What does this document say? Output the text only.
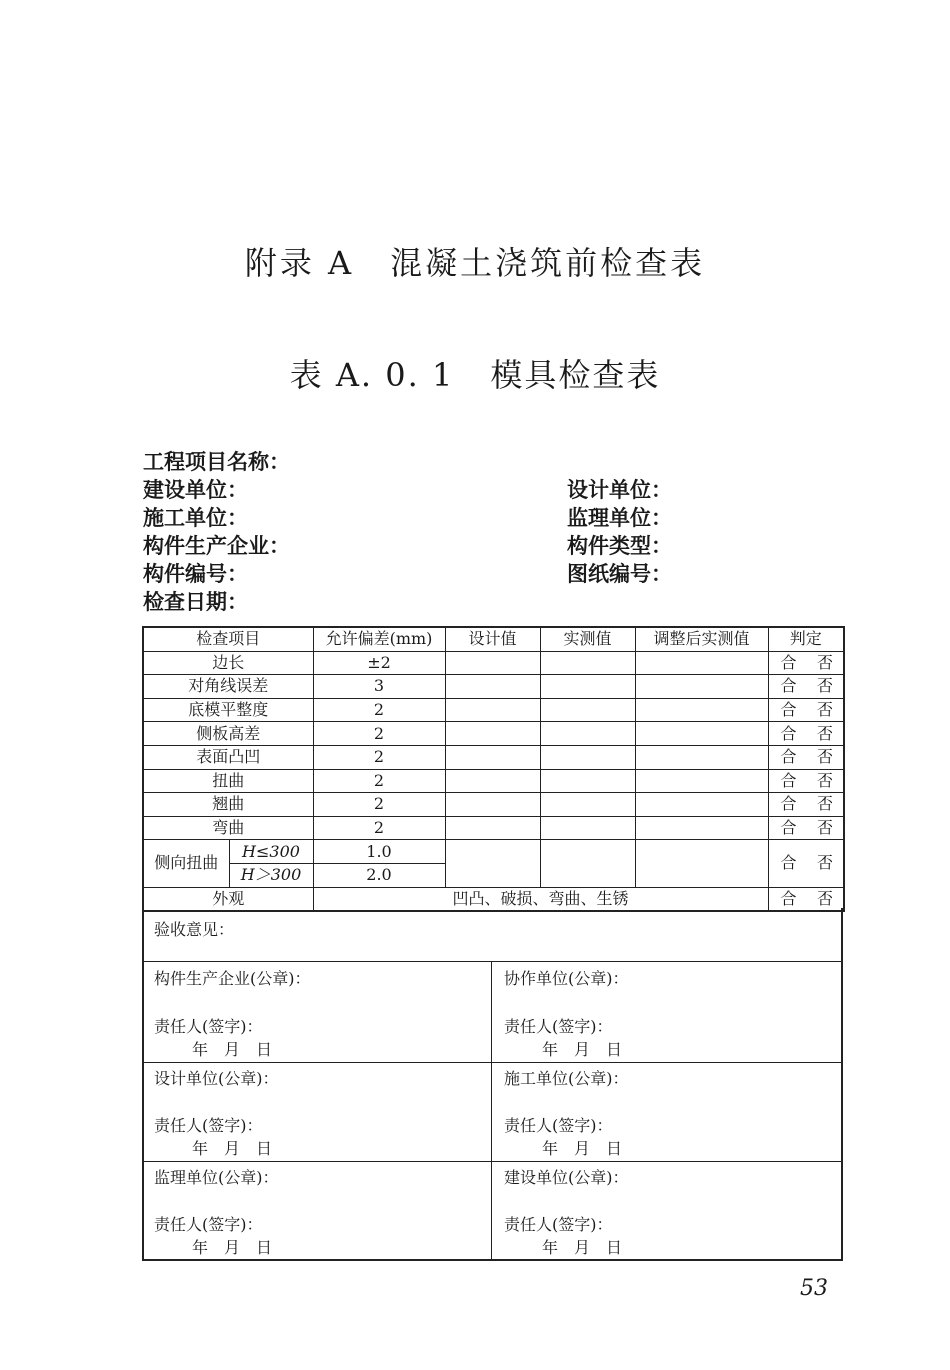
附录 A 混凝土浇筑前检查表
表 A. 0. 1 模具检查表
工程项目名称：
建设单位：	设计单位：
施工单位：	监理单位：
构件生产企业：	构件类型：
构件编号：	图纸编号：
检查日期：
检查项目		允许偏差(mm)	设计值	实测值	调整后实测值	判定
边长		±2				合 否

对角线误差		3				合 否

底模平整度		2				合 否

侧板高差		2				合 否

表面凸凹		2				合 否

扭曲		2				合 否

翘曲		2				合 否

弯曲		2				合 否

侧向扭曲	H≤300	1.0				合 否

	H＞300	2.0				
外观		凹凸、破损、弯曲、生锈				合 否
验收意见：
构件生产企业(公章)：
责任人(签字)：
年　月　日
协作单位(公章)：
责任人(签字)：
年　月　日
设计单位(公章)：
责任人(签字)：
年　月　日
施工单位(公章)：
责任人(签字)：
年　月　日
监理单位(公章)：
责任人(签字)：
年　月　日
建设单位(公章)：
责任人(签字)：
年　月　日
53
